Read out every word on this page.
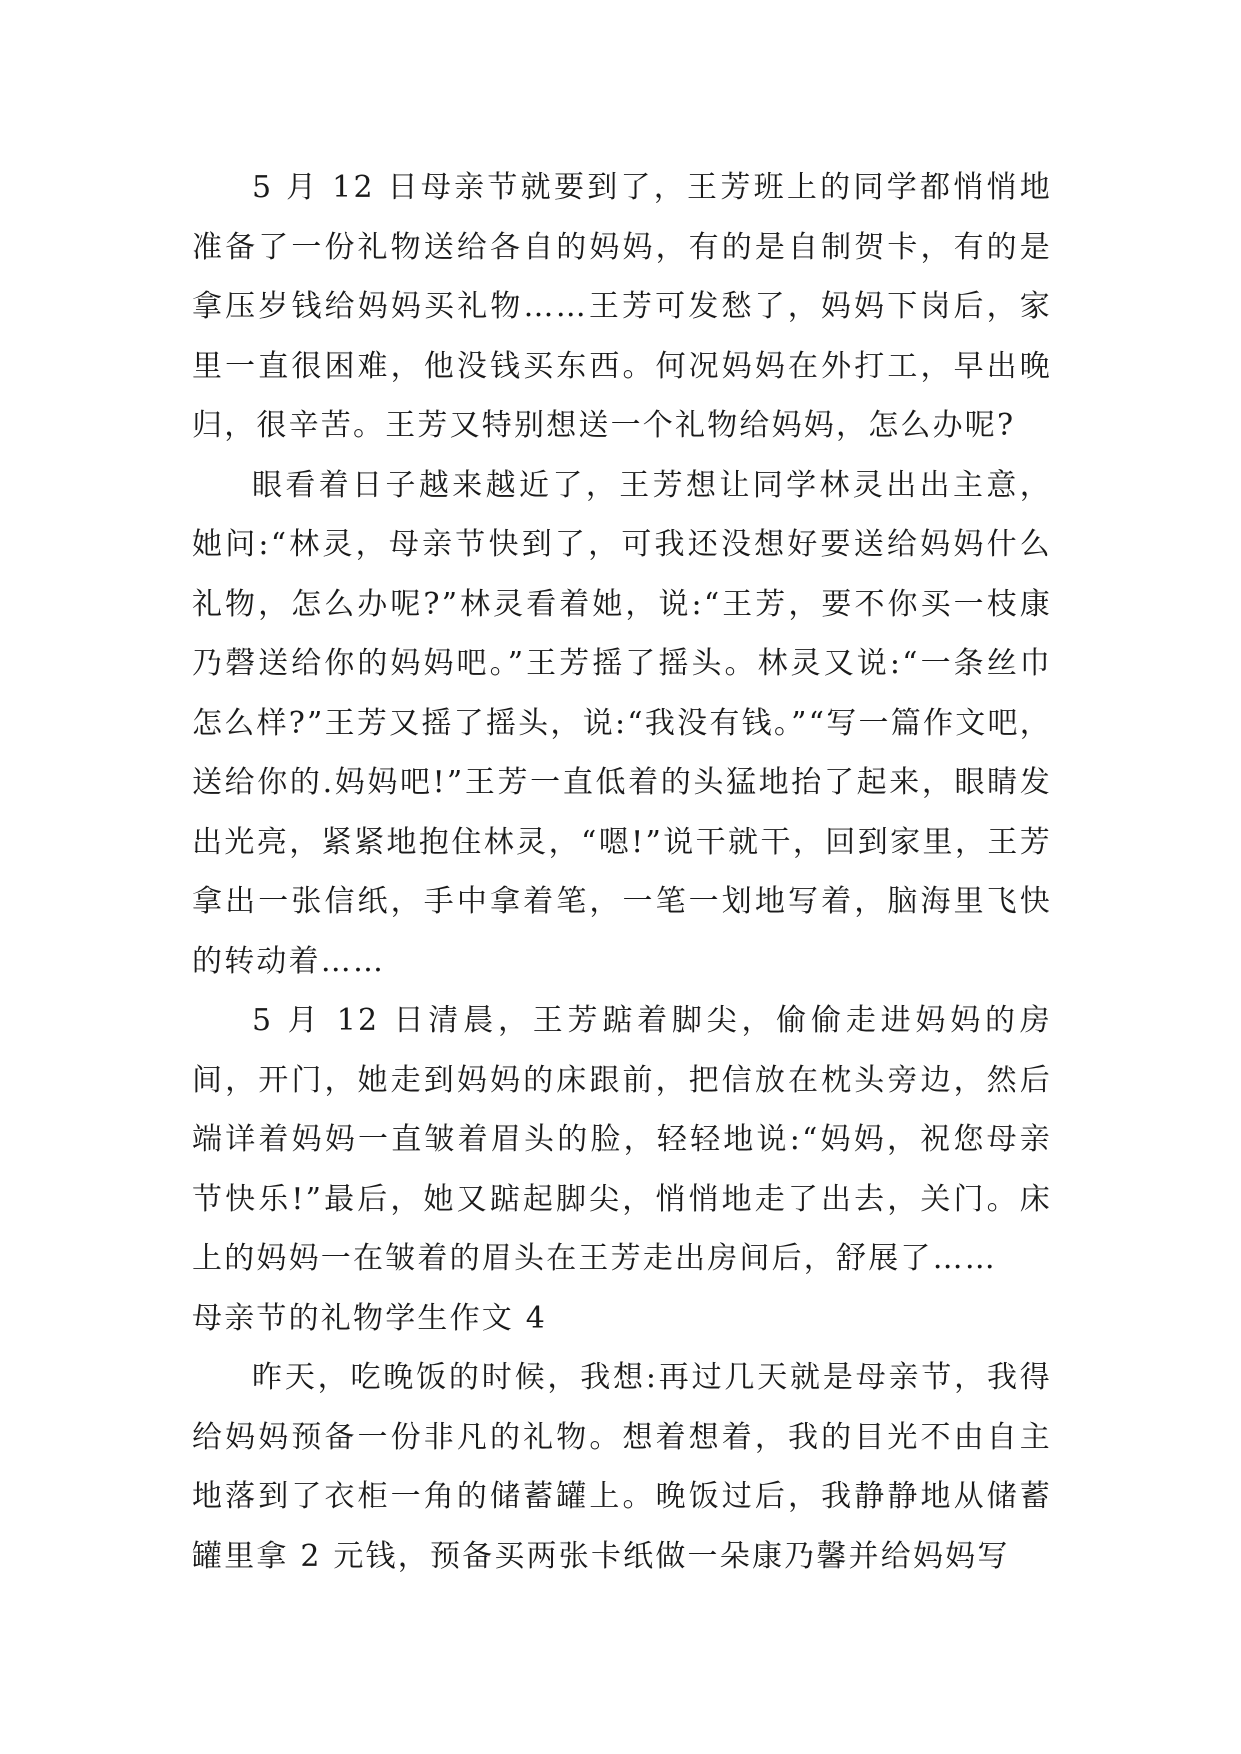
5 月 12 日母亲节就要到了，王芳班上的同学都悄悄地准备了一份礼物送给各自的妈妈，有的是自制贺卡，有的是拿压岁钱给妈妈买礼物……王芳可发愁了，妈妈下岗后，家里一直很困难，他没钱买东西。何况妈妈在外打工，早出晚归，很辛苦。王芳又特别想送一个礼物给妈妈，怎么办呢?

眼看着日子越来越近了，王芳想让同学林灵出出主意，她问:“林灵，母亲节快到了，可我还没想好要送给妈妈什么礼物，怎么办呢?”林灵看着她，说:“王芳，要不你买一枝康乃磬送给你的妈妈吧。”王芳摇了摇头。林灵又说:“一条丝巾怎么样?”王芳又摇了摇头，说:“我没有钱。”“写一篇作文吧，送给你的.妈妈吧!”王芳一直低着的头猛地抬了起来，眼睛发出光亮，紧紧地抱住林灵，“嗯!”说干就干，回到家里，王芳拿出一张信纸，手中拿着笔，一笔一划地写着，脑海里飞快的转动着……

5 月 12 日清晨，王芳踮着脚尖，偷偷走进妈妈的房间，开门，她走到妈妈的床跟前，把信放在枕头旁边，然后端详着妈妈一直皱着眉头的脸，轻轻地说:“妈妈，祝您母亲节快乐!”最后，她又踮起脚尖，悄悄地走了出去，关门。床上的妈妈一在皱着的眉头在王芳走出房间后，舒展了……

母亲节的礼物学生作文 4

昨天，吃晚饭的时候，我想:再过几天就是母亲节，我得给妈妈预备一份非凡的礼物。想着想着，我的目光不由自主地落到了衣柜一角的储蓄罐上。晚饭过后，我静静地从储蓄罐里拿 2 元钱，预备买两张卡纸做一朵康乃馨并给妈妈写
